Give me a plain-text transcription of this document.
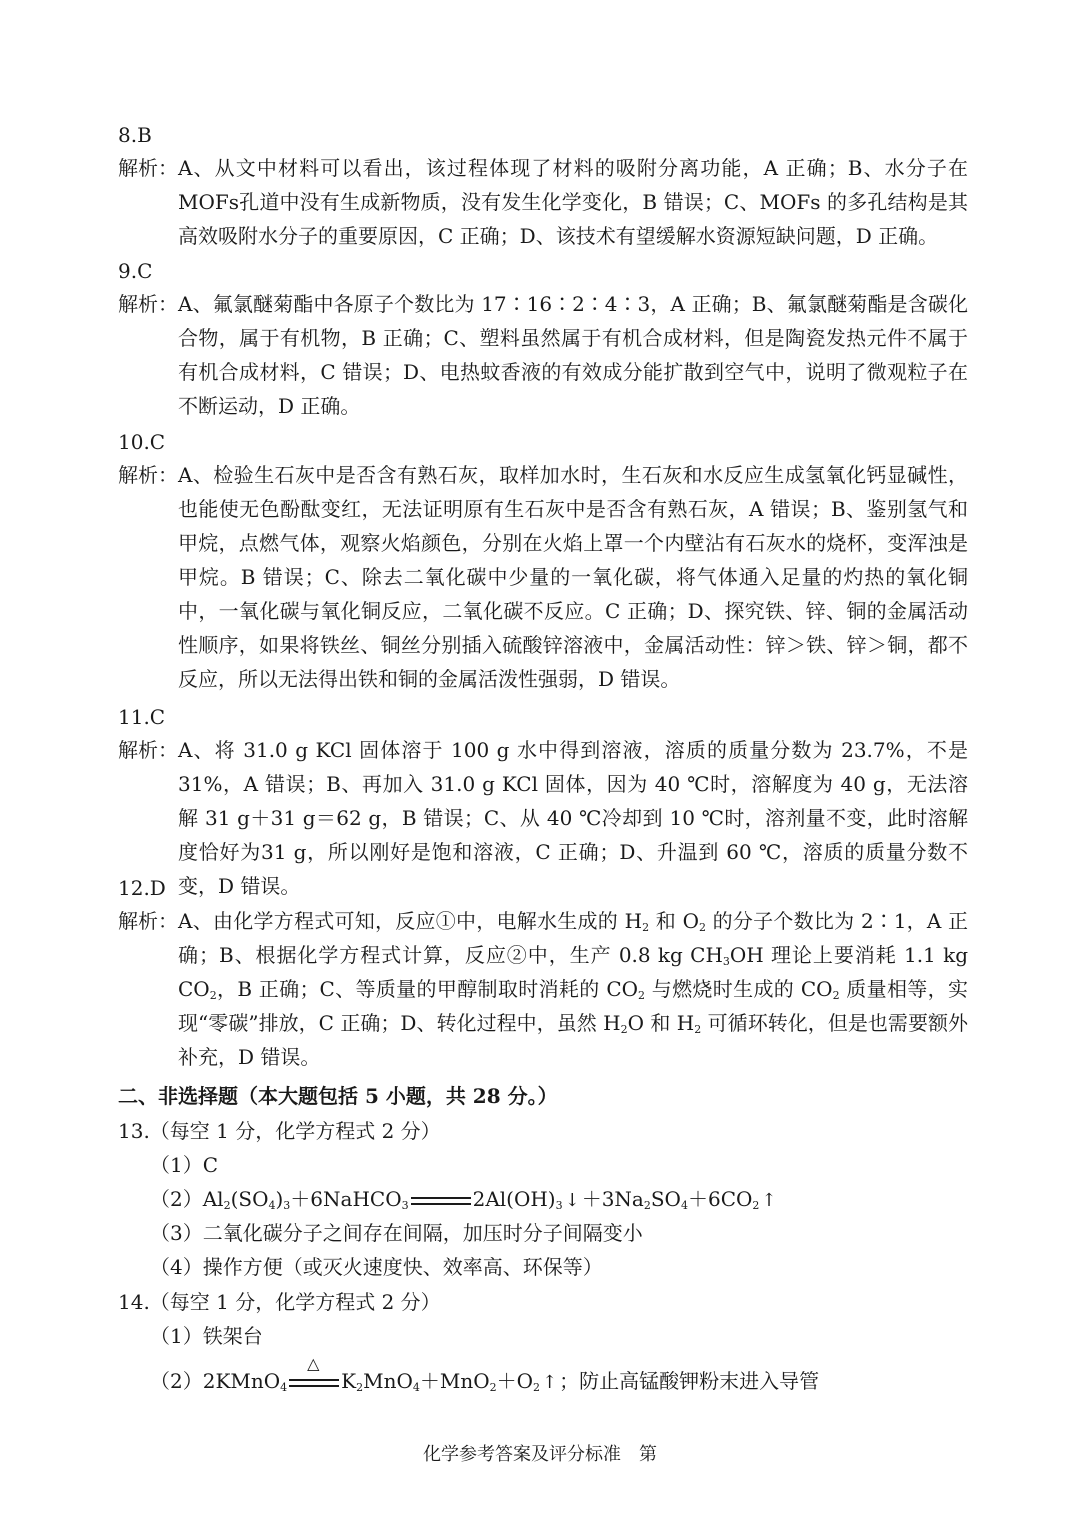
8.B
解析： A、从文中材料可以看出，该过程体现了材料的吸附分离功能，A 正确；B、水分子在MOFs孔道中没有生成新物质，没有发生化学变化，B 错误；C、MOFs 的多孔结构是其高效吸附水分子的重要原因，C 正确；D、该技术有望缓解水资源短缺问题，D 正确。
9.C
解析： A、氟氯醚菊酯中各原子个数比为 17∶16∶2∶4∶3，A 正确；B、氟氯醚菊酯是含碳化合物，属于有机物，B 正确；C、塑料虽然属于有机合成材料，但是陶瓷发热元件不属于有机合成材料，C 错误；D、电热蚊香液的有效成分能扩散到空气中，说明了微观粒子在不断运动，D 正确。
10.C
解析： A、检验生石灰中是否含有熟石灰，取样加水时，生石灰和水反应生成氢氧化钙显碱性，也能使无色酚酞变红，无法证明原有生石灰中是否含有熟石灰，A 错误；B、鉴别氢气和甲烷，点燃气体，观察火焰颜色，分别在火焰上罩一个内壁沾有石灰水的烧杯，变浑浊是甲烷。B 错误；C、除去二氧化碳中少量的一氧化碳，将气体通入足量的灼热的氧化铜中，一氧化碳与氧化铜反应，二氧化碳不反应。C 正确；D、探究铁、锌、铜的金属活动性顺序，如果将铁丝、铜丝分别插入硫酸锌溶液中，金属活动性：锌＞铁、锌＞铜，都不反应，所以无法得出铁和铜的金属活泼性强弱，D 错误。
11.C
解析： A、将 31.0 g KCl 固体溶于 100 g 水中得到溶液，溶质的质量分数为 23.7%，不是31%，A 错误；B、再加入 31.0 g KCl 固体，因为 40 ℃时，溶解度为 40 g，无法溶解 31 g＋31 g＝62 g，B 错误；C、从 40 ℃冷却到 10 ℃时，溶剂量不变，此时溶解度恰好为31 g，所以刚好是饱和溶液，C 正确；D、升温到 60 ℃，溶质的质量分数不变，D 错误。
12.D
解析： A、由化学方程式可知，反应①中，电解水生成的 $H_2$ 和 $O_2$ 的分子个数比为 2∶1，A 正确；B、根据化学方程式计算，反应②中，生产 0.8 kg $CH_3OH$ 理论上要消耗 1.1 kg $CO_2$，B 正确；C、等质量的甲醇制取时消耗的 $CO_2$ 与燃烧时生成的 $CO_2$ 质量相等，实现“零碳”排放，C 正确；D、转化过程中，虽然 $H_2O$ 和 $H_2$ 可循环转化，但是也需要额外补充，D 错误。
二、非选择题（本大题包括 5 小题，共 28 分。）
13.（每空 1 分，化学方程式 2 分）
（1）C
$(2)Al_2(SO_4)_3+6NaHCO_3$	$2Al(OH)_3$ ↓ $+3Na_2SO_4+6CO_2$ ↑
（3）二氧化碳分子之间存在间隔，加压时分子间隔变小
（4）操作方便（或灭火速度快、效率高、环保等）
14.（每空 1 分，化学方程式 2 分）
（1）铁架台
（2）2KMnO$_4$
△
$K_2MnO_4+MnO_2+O_2$ ↑ ；防止高锰酸钾粉末进入导管
化学参考答案及评分标准　第
